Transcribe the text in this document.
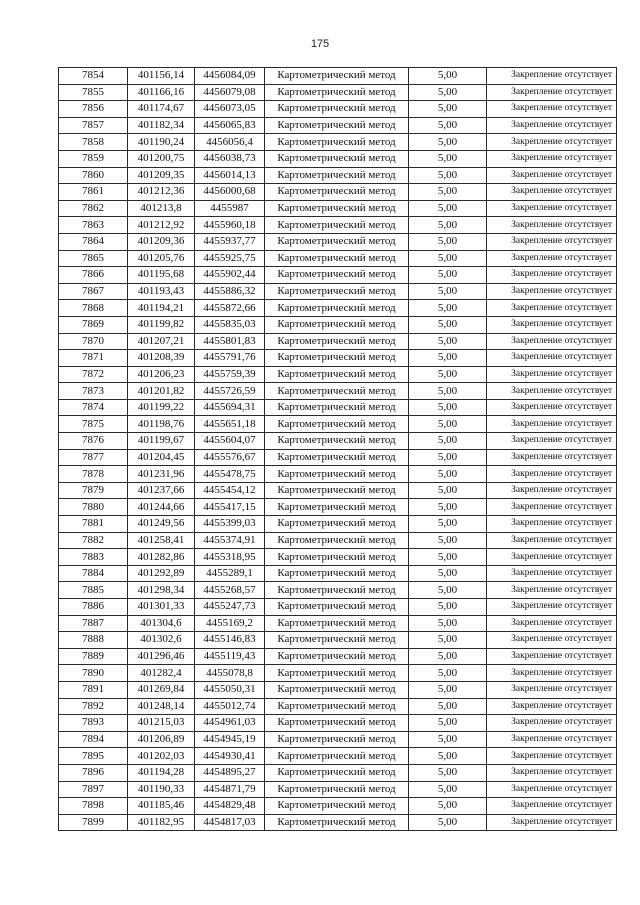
175
7854	401156,14	4456084,09	Картометрический метод	5,00	Закрепление отсутствует
7855	401166,16	4456079,08	Картометрический метод	5,00	Закрепление отсутствует
7856	401174,67	4456073,05	Картометрический метод	5,00	Закрепление отсутствует
7857	401182,34	4456065,83	Картометрический метод	5,00	Закрепление отсутствует
7858	401190,24	4456056,4	Картометрический метод	5,00	Закрепление отсутствует
7859	401200,75	4456038,73	Картометрический метод	5,00	Закрепление отсутствует
7860	401209,35	4456014,13	Картометрический метод	5,00	Закрепление отсутствует
7861	401212,36	4456000,68	Картометрический метод	5,00	Закрепление отсутствует
7862	401213,8	4455987	Картометрический метод	5,00	Закрепление отсутствует
7863	401212,92	4455960,18	Картометрический метод	5,00	Закрепление отсутствует
7864	401209,36	4455937,77	Картометрический метод	5,00	Закрепление отсутствует
7865	401205,76	4455925,75	Картометрический метод	5,00	Закрепление отсутствует
7866	401195,68	4455902,44	Картометрический метод	5,00	Закрепление отсутствует
7867	401193,43	4455886,32	Картометрический метод	5,00	Закрепление отсутствует
7868	401194,21	4455872,66	Картометрический метод	5,00	Закрепление отсутствует
7869	401199,82	4455835,03	Картометрический метод	5,00	Закрепление отсутствует
7870	401207,21	4455801,83	Картометрический метод	5,00	Закрепление отсутствует
7871	401208,39	4455791,76	Картометрический метод	5,00	Закрепление отсутствует
7872	401206,23	4455759,39	Картометрический метод	5,00	Закрепление отсутствует
7873	401201,82	4455726,59	Картометрический метод	5,00	Закрепление отсутствует
7874	401199,22	4455694,31	Картометрический метод	5,00	Закрепление отсутствует
7875	401198,76	4455651,18	Картометрический метод	5,00	Закрепление отсутствует
7876	401199,67	4455604,07	Картометрический метод	5,00	Закрепление отсутствует
7877	401204,45	4455576,67	Картометрический метод	5,00	Закрепление отсутствует
7878	401231,96	4455478,75	Картометрический метод	5,00	Закрепление отсутствует
7879	401237,66	4455454,12	Картометрический метод	5,00	Закрепление отсутствует
7880	401244,66	4455417,15	Картометрический метод	5,00	Закрепление отсутствует
7881	401249,56	4455399,03	Картометрический метод	5,00	Закрепление отсутствует
7882	401258,41	4455374,91	Картометрический метод	5,00	Закрепление отсутствует
7883	401282,86	4455318,95	Картометрический метод	5,00	Закрепление отсутствует
7884	401292,89	4455289,1	Картометрический метод	5,00	Закрепление отсутствует
7885	401298,34	4455268,57	Картометрический метод	5,00	Закрепление отсутствует
7886	401301,33	4455247,73	Картометрический метод	5,00	Закрепление отсутствует
7887	401304,6	4455169,2	Картометрический метод	5,00	Закрепление отсутствует
7888	401302,6	4455146,83	Картометрический метод	5,00	Закрепление отсутствует
7889	401296,46	4455119,43	Картометрический метод	5,00	Закрепление отсутствует
7890	401282,4	4455078,8	Картометрический метод	5,00	Закрепление отсутствует
7891	401269,84	4455050,31	Картометрический метод	5,00	Закрепление отсутствует
7892	401248,14	4455012,74	Картометрический метод	5,00	Закрепление отсутствует
7893	401215,03	4454961,03	Картометрический метод	5,00	Закрепление отсутствует
7894	401206,89	4454945,19	Картометрический метод	5,00	Закрепление отсутствует
7895	401202,03	4454930,41	Картометрический метод	5,00	Закрепление отсутствует
7896	401194,28	4454895,27	Картометрический метод	5,00	Закрепление отсутствует
7897	401190,33	4454871,79	Картометрический метод	5,00	Закрепление отсутствует
7898	401185,46	4454829,48	Картометрический метод	5,00	Закрепление отсутствует
7899	401182,95	4454817,03	Картометрический метод	5,00	Закрепление отсутствует
